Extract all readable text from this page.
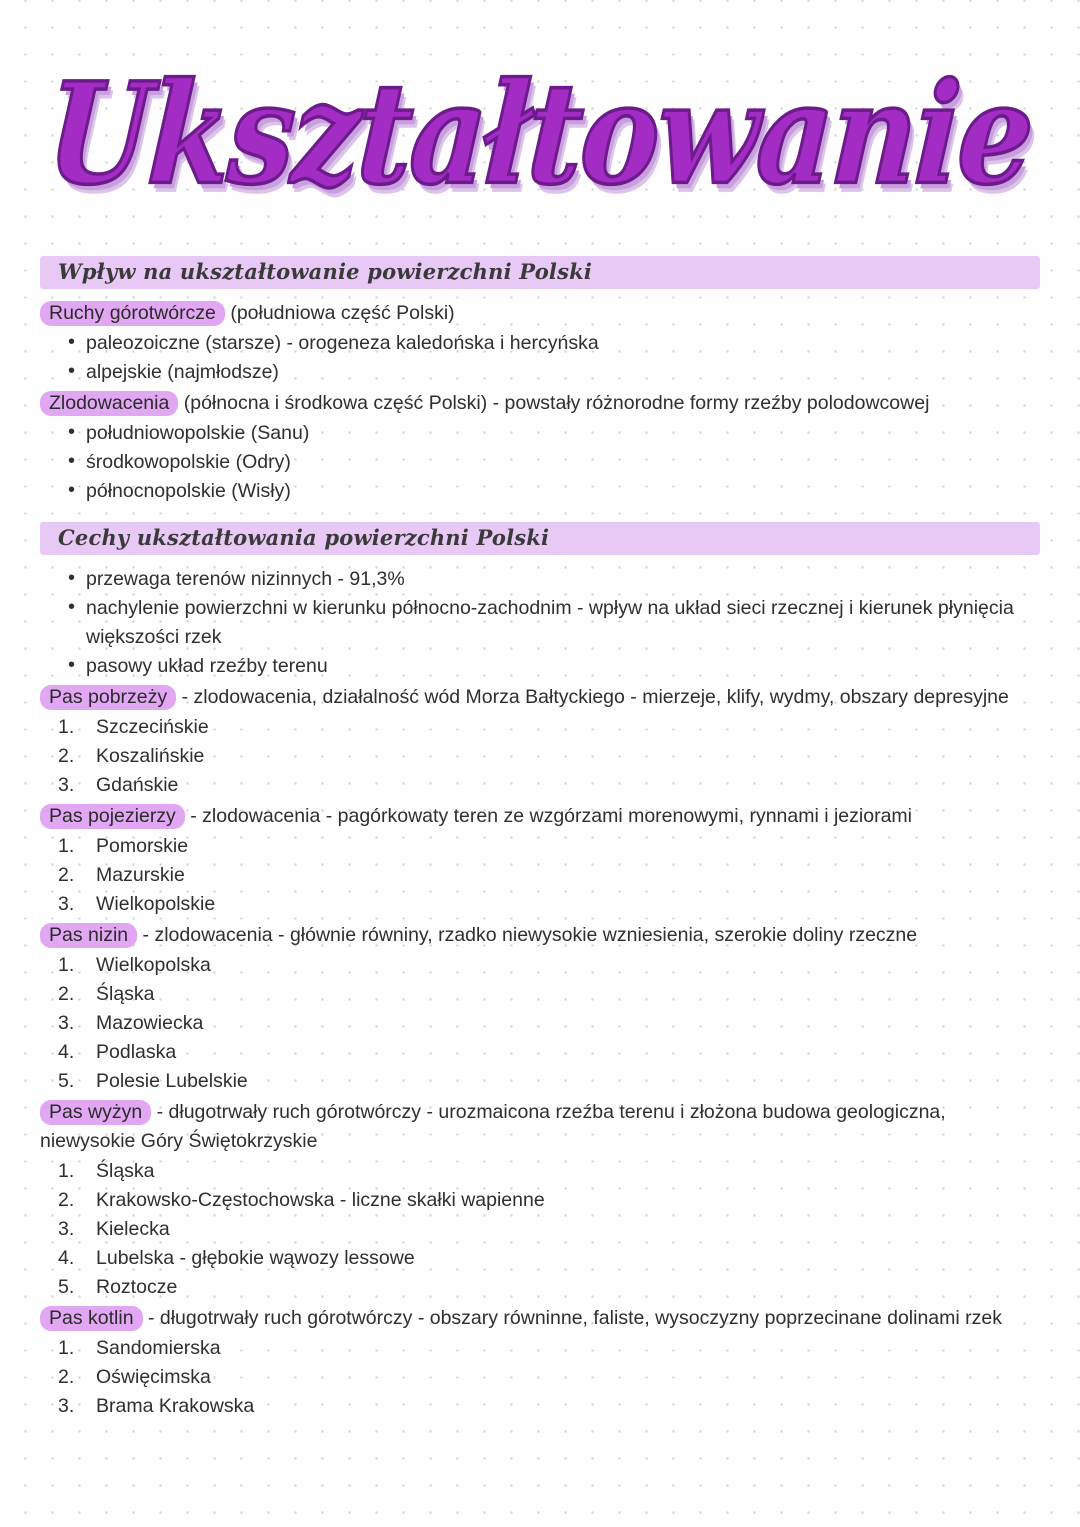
Ukształtowanie
Wpływ na ukształtowanie powierzchni Polski
Ruchy górotwórcze (południowa część Polski)
• paleozoiczne (starsze) - orogeneza kaledońska i hercyńska
• alpejskie (najmłodsze)
Zlodowacenia (północna i środkowa część Polski) - powstały różnorodne formy rzeźby polodowcowej
• południowopolskie (Sanu)
• środkowopolskie (Odry)
• północnopolskie (Wisły)
Cechy ukształtowania powierzchni Polski
• przewaga terenów nizinnych - 91,3%
• nachylenie powierzchni w kierunku północno-zachodnim - wpływ na układ sieci rzecznej i kierunek płynięcia większości rzek
• pasowy układ rzeźby terenu
Pas pobrzeży - zlodowacenia, działalność wód Morza Bałtyckiego - mierzeje, klify, wydmy, obszary depresyjne
Szczecińskie
Koszalińskie
Gdańskie
Pas pojezierzy - zlodowacenia - pagórkowaty teren ze wzgórzami morenowymi, rynnami i jeziorami
Pomorskie
Mazurskie
Wielkopolskie
Pas nizin - zlodowacenia - głównie równiny, rzadko niewysokie wzniesienia, szerokie doliny rzeczne
Wielkopolska
Śląska
Mazowiecka
Podlaska
Polesie Lubelskie
Pas wyżyn - długotrwały ruch górotwórczy - urozmaicona rzeźba terenu i złożona budowa geologiczna, niewysokie Góry Świętokrzyskie
Śląska
Krakowsko-Częstochowska - liczne skałki wapienne
Kielecka
Lubelska - głębokie wąwozy lessowe
Roztocze
Pas kotlin - długotrwały ruch górotwórczy - obszary równinne, faliste, wysoczyzny poprzecinane dolinami rzek
Sandomierska
Oświęcimska
Brama Krakowska
